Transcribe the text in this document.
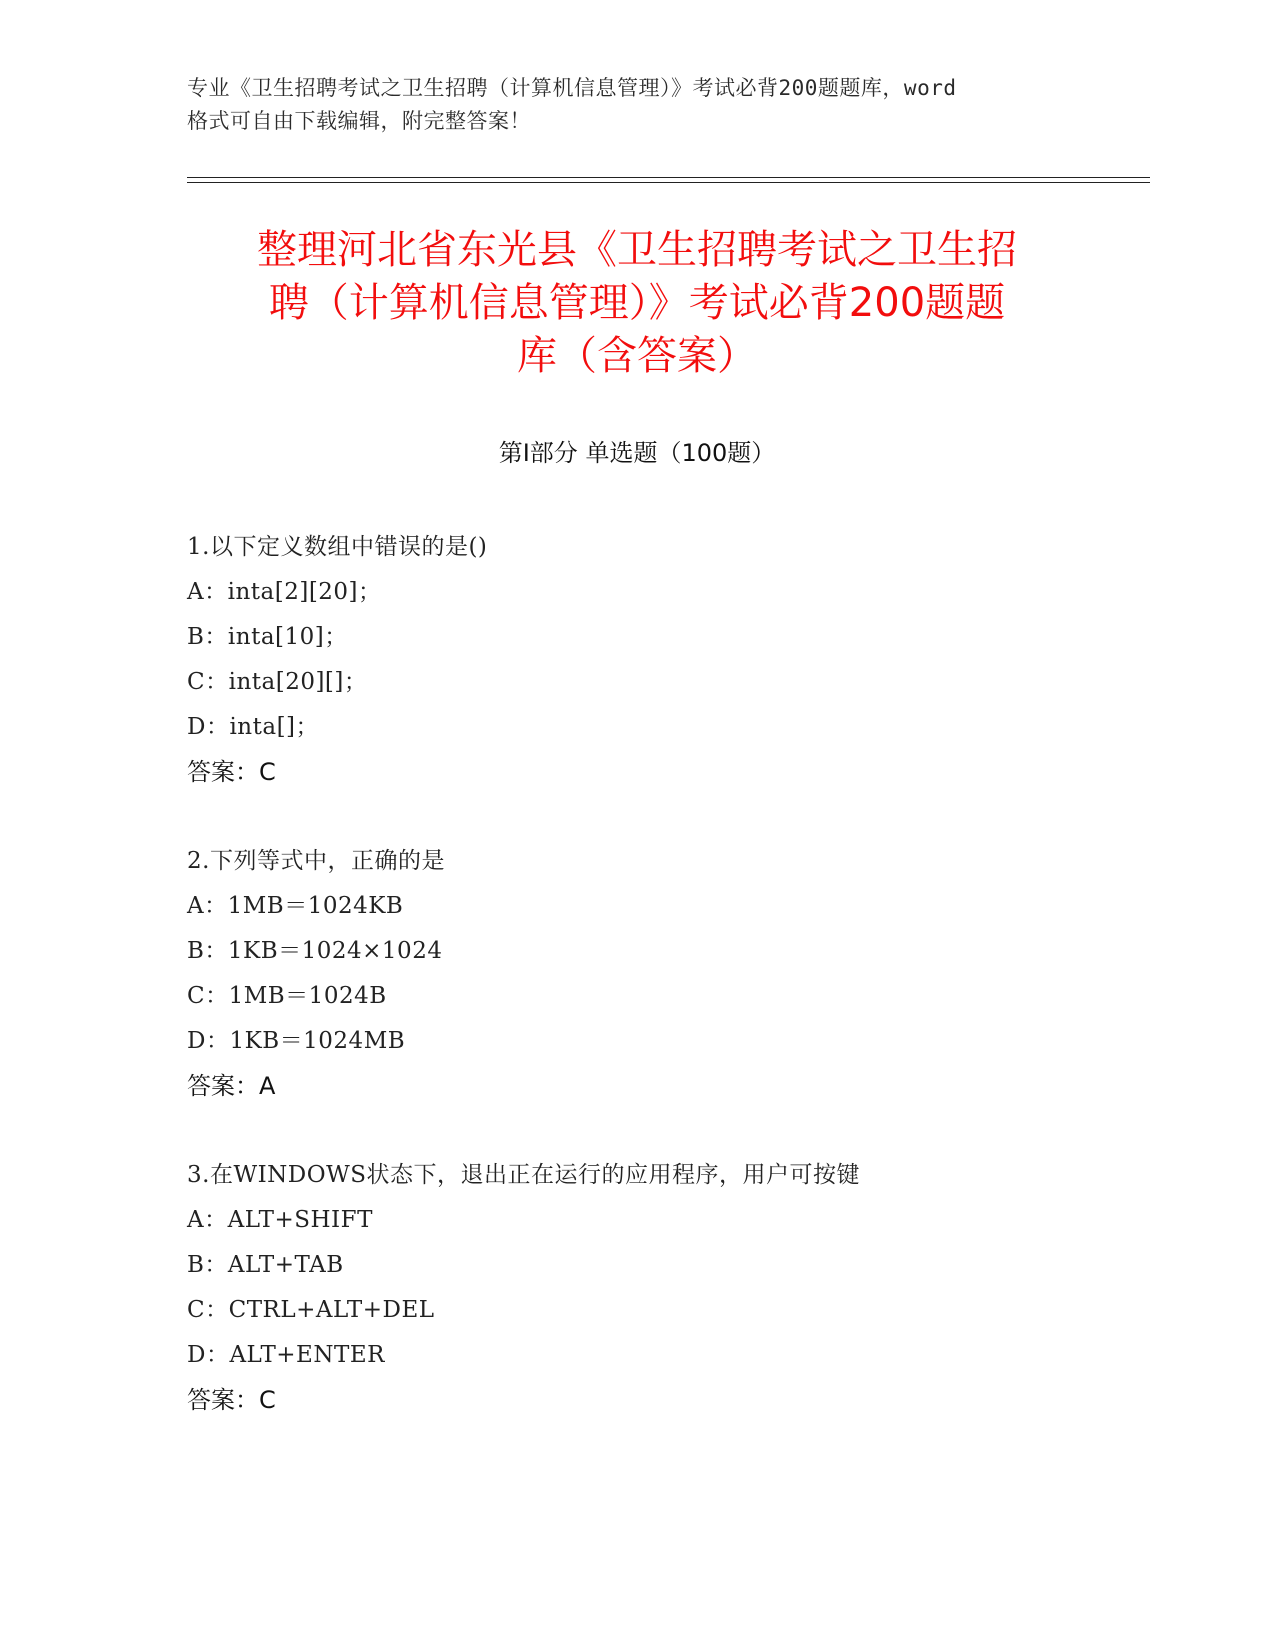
专业《卫生招聘考试之卫生招聘（计算机信息管理）》考试必背200题题库，word
格式可自由下载编辑，附完整答案！
整理河北省东光县《卫生招聘考试之卫生招
聘（计算机信息管理）》考试必背200题题
库（含答案）
第Ⅰ部分 单选题（100题）
1.以下定义数组中错误的是()
A：inta[2][20]；
B：inta[10]；
C：inta[20][]；
D：inta[]；
答案：C
2.下列等式中，正确的是
A：1MB＝1024KB
B：1KB＝1024×1024
C：1MB＝1024B
D：1KB＝1024MB
答案：A
3.在WINDOWS状态下，退出正在运行的应用程序，用户可按键
A：ALT+SHIFT
B：ALT+TAB
C：CTRL+ALT+DEL
D：ALT+ENTER
答案：C
